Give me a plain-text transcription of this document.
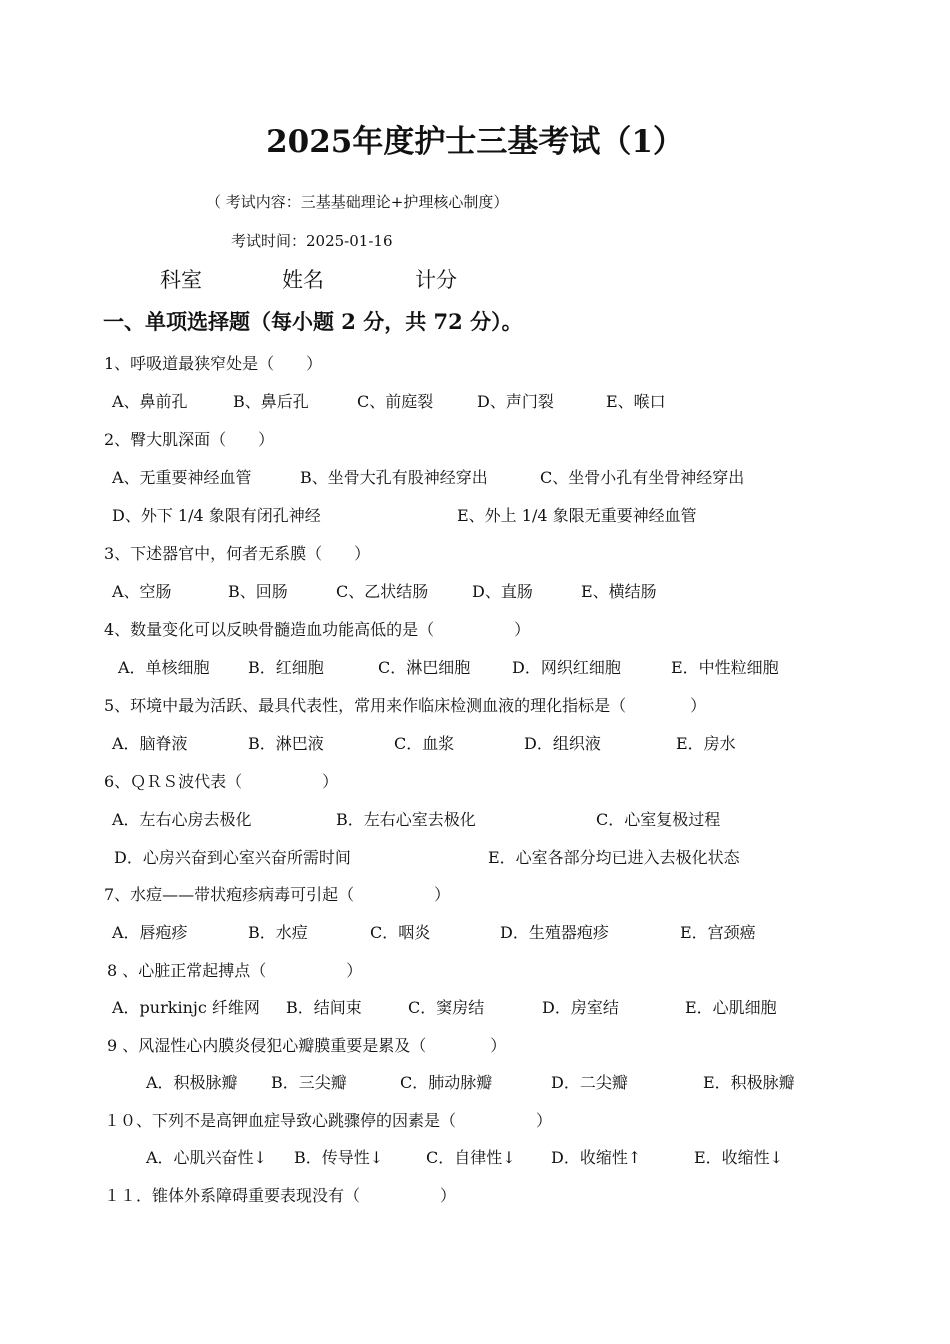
2025年度护士三基考试（1）
（ 考试内容：三基基础理论+护理核心制度）
考试时间：2025-01-16
科室	姓名	计分
一、单项选择题（每小题 2 分，共 72 分）。
1、呼吸道最狭窄处是（　　）
A、鼻前孔	B、鼻后孔	C、前庭裂	D、声门裂	E、喉口
2、臀大肌深面（　　）
A、无重要神经血管	B、坐骨大孔有股神经穿出	C、坐骨小孔有坐骨神经穿出
D、外下 1/4 象限有闭孔神经	E、外上 1/4 象限无重要神经血管
3、下述器官中，何者无系膜（　　）
A、空肠	B、回肠	C、乙状结肠	D、直肠	E、横结肠
4、数量变化可以反映骨髓造血功能高低的是（　　　　　）
A．单核细胞 B．红细胞	C．淋巴细胞	D．网织红细胞	E．中性粒细胞
5、环境中最为活跃、最具代表性，常用来作临床检测血液的理化指标是（　　　　）
A．脑脊液	B．淋巴液	C．血浆	D．组织液	E．房水
6、ＱＲＳ波代表（　　　　　）
A．左右心房去极化	B．左右心室去极化	C．心室复极过程
D．心房兴奋到心室兴奋所需时间	E．心室各部分均已进入去极化状态
7、水痘——带状疱疹病毒可引起（　　　　　）
A．唇疱疹	B．水痘	C．咽炎	D．生殖器疱疹	E．宫颈癌
8 、心脏正常起搏点（　　　　　）
A．purkinjc 纤维网 B．结间束	C．窦房结	D．房室结	E．心肌细胞
9 、风湿性心内膜炎侵犯心瓣膜重要是累及（　　　　）
A．积极脉瓣 B．三尖瓣	C．肺动脉瓣	D．二尖瓣	E．积极脉瓣
１０、下列不是高钾血症导致心跳骤停的因素是（　　　　　）
A．心肌兴奋性↓ B．传导性↓	C．自律性↓ D．收缩性↑	E．收缩性↓
１１．锥体外系障碍重要表现没有（　　　　　）
